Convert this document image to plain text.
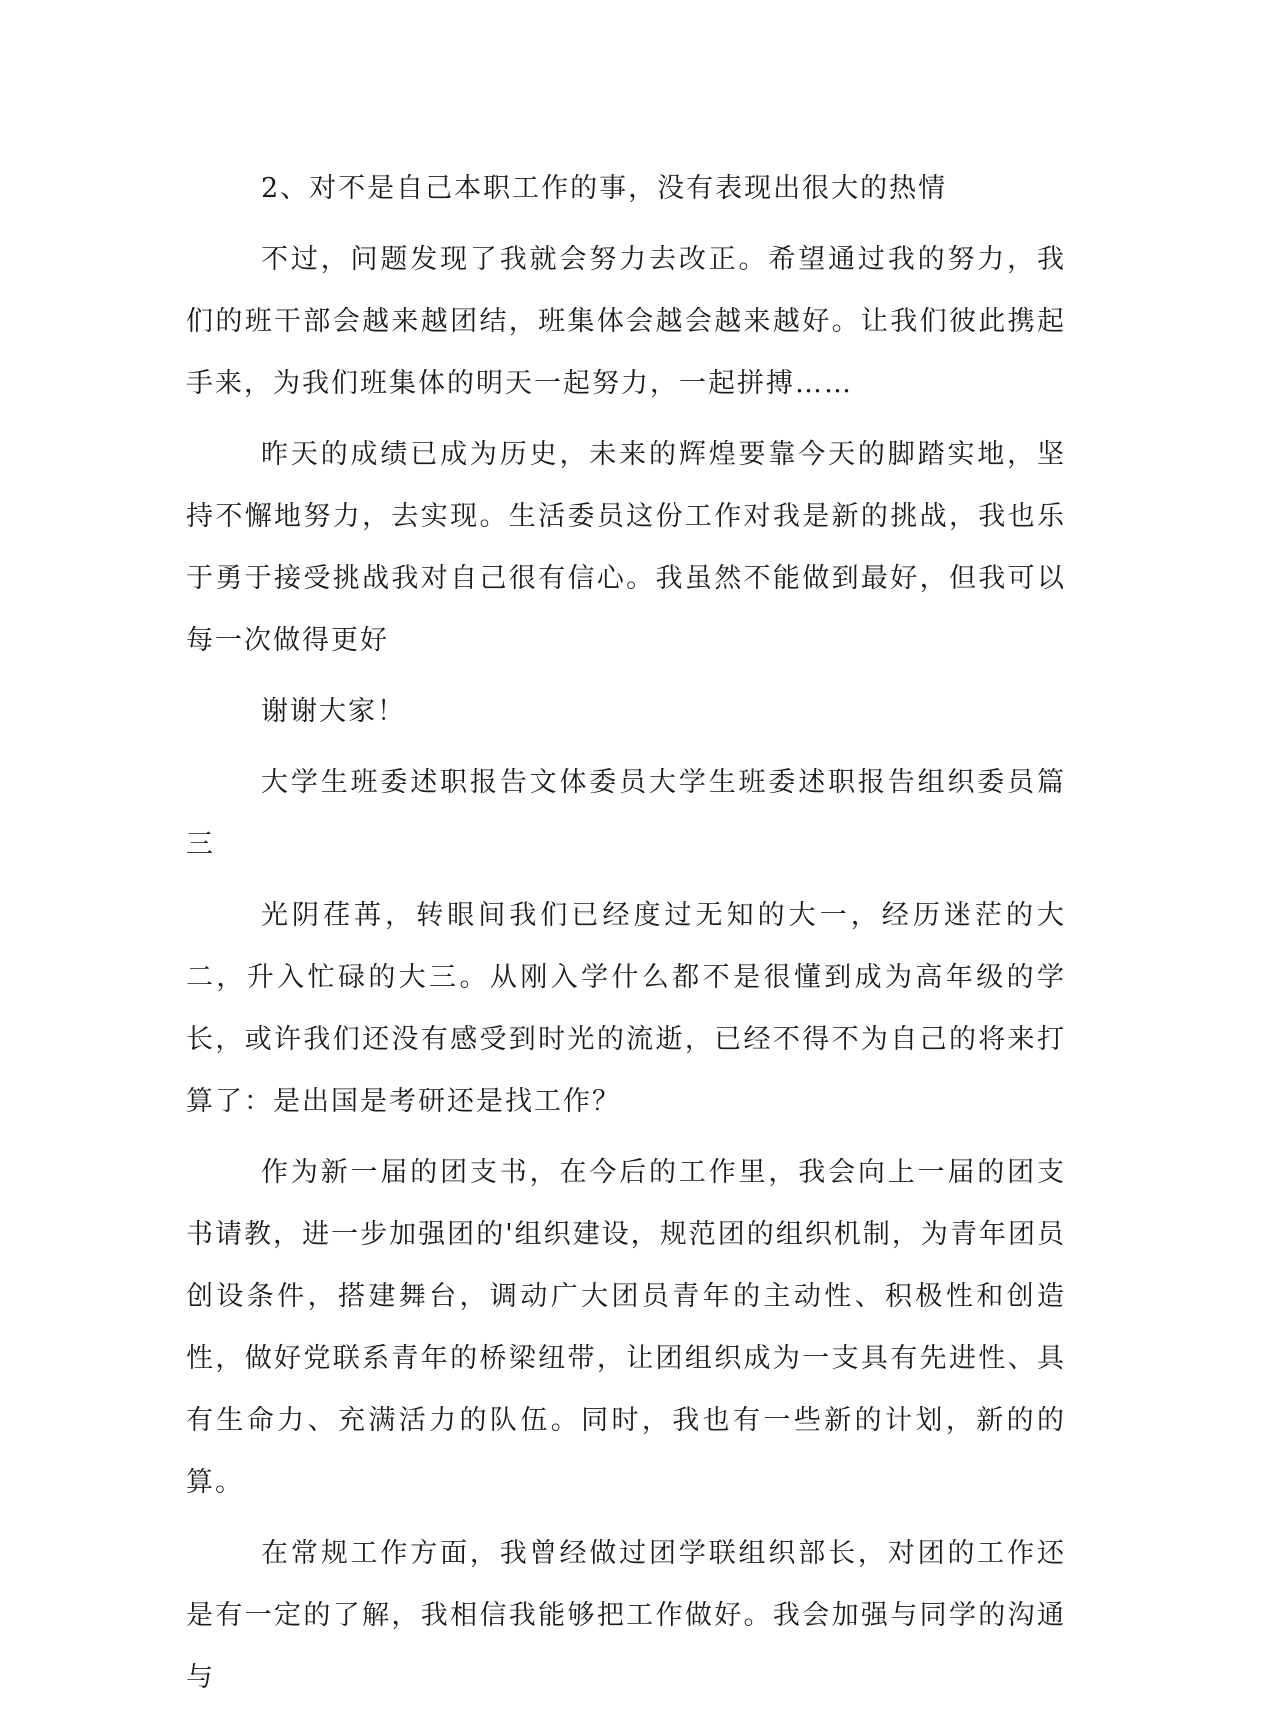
2、对不是自己本职工作的事，没有表现出很大的热情

不过，问题发现了我就会努力去改正。希望通过我的努力，我们的班干部会越来越团结，班集体会越会越来越好。让我们彼此携起手来，为我们班集体的明天一起努力，一起拼搏……

昨天的成绩已成为历史，未来的辉煌要靠今天的脚踏实地，坚持不懈地努力，去实现。生活委员这份工作对我是新的挑战，我也乐于勇于接受挑战我对自己很有信心。我虽然不能做到最好，但我可以每一次做得更好

谢谢大家！

大学生班委述职报告文体委员大学生班委述职报告组织委员篇三

光阴荏苒，转眼间我们已经度过无知的大一，经历迷茫的大二，升入忙碌的大三。从刚入学什么都不是很懂到成为高年级的学长，或许我们还没有感受到时光的流逝，已经不得不为自己的将来打算了：是出国是考研还是找工作？

作为新一届的团支书，在今后的工作里，我会向上一届的团支书请教，进一步加强团的'组织建设，规范团的组织机制，为青年团员创设条件，搭建舞台，调动广大团员青年的主动性、积极性和创造性，做好党联系青年的桥梁纽带，让团组织成为一支具有先进性、具有生命力、充满活力的队伍。同时，我也有一些新的计划，新的的算。

在常规工作方面，我曾经做过团学联组织部长，对团的工作还是有一定的了解，我相信我能够把工作做好。我会加强与同学的沟通与
